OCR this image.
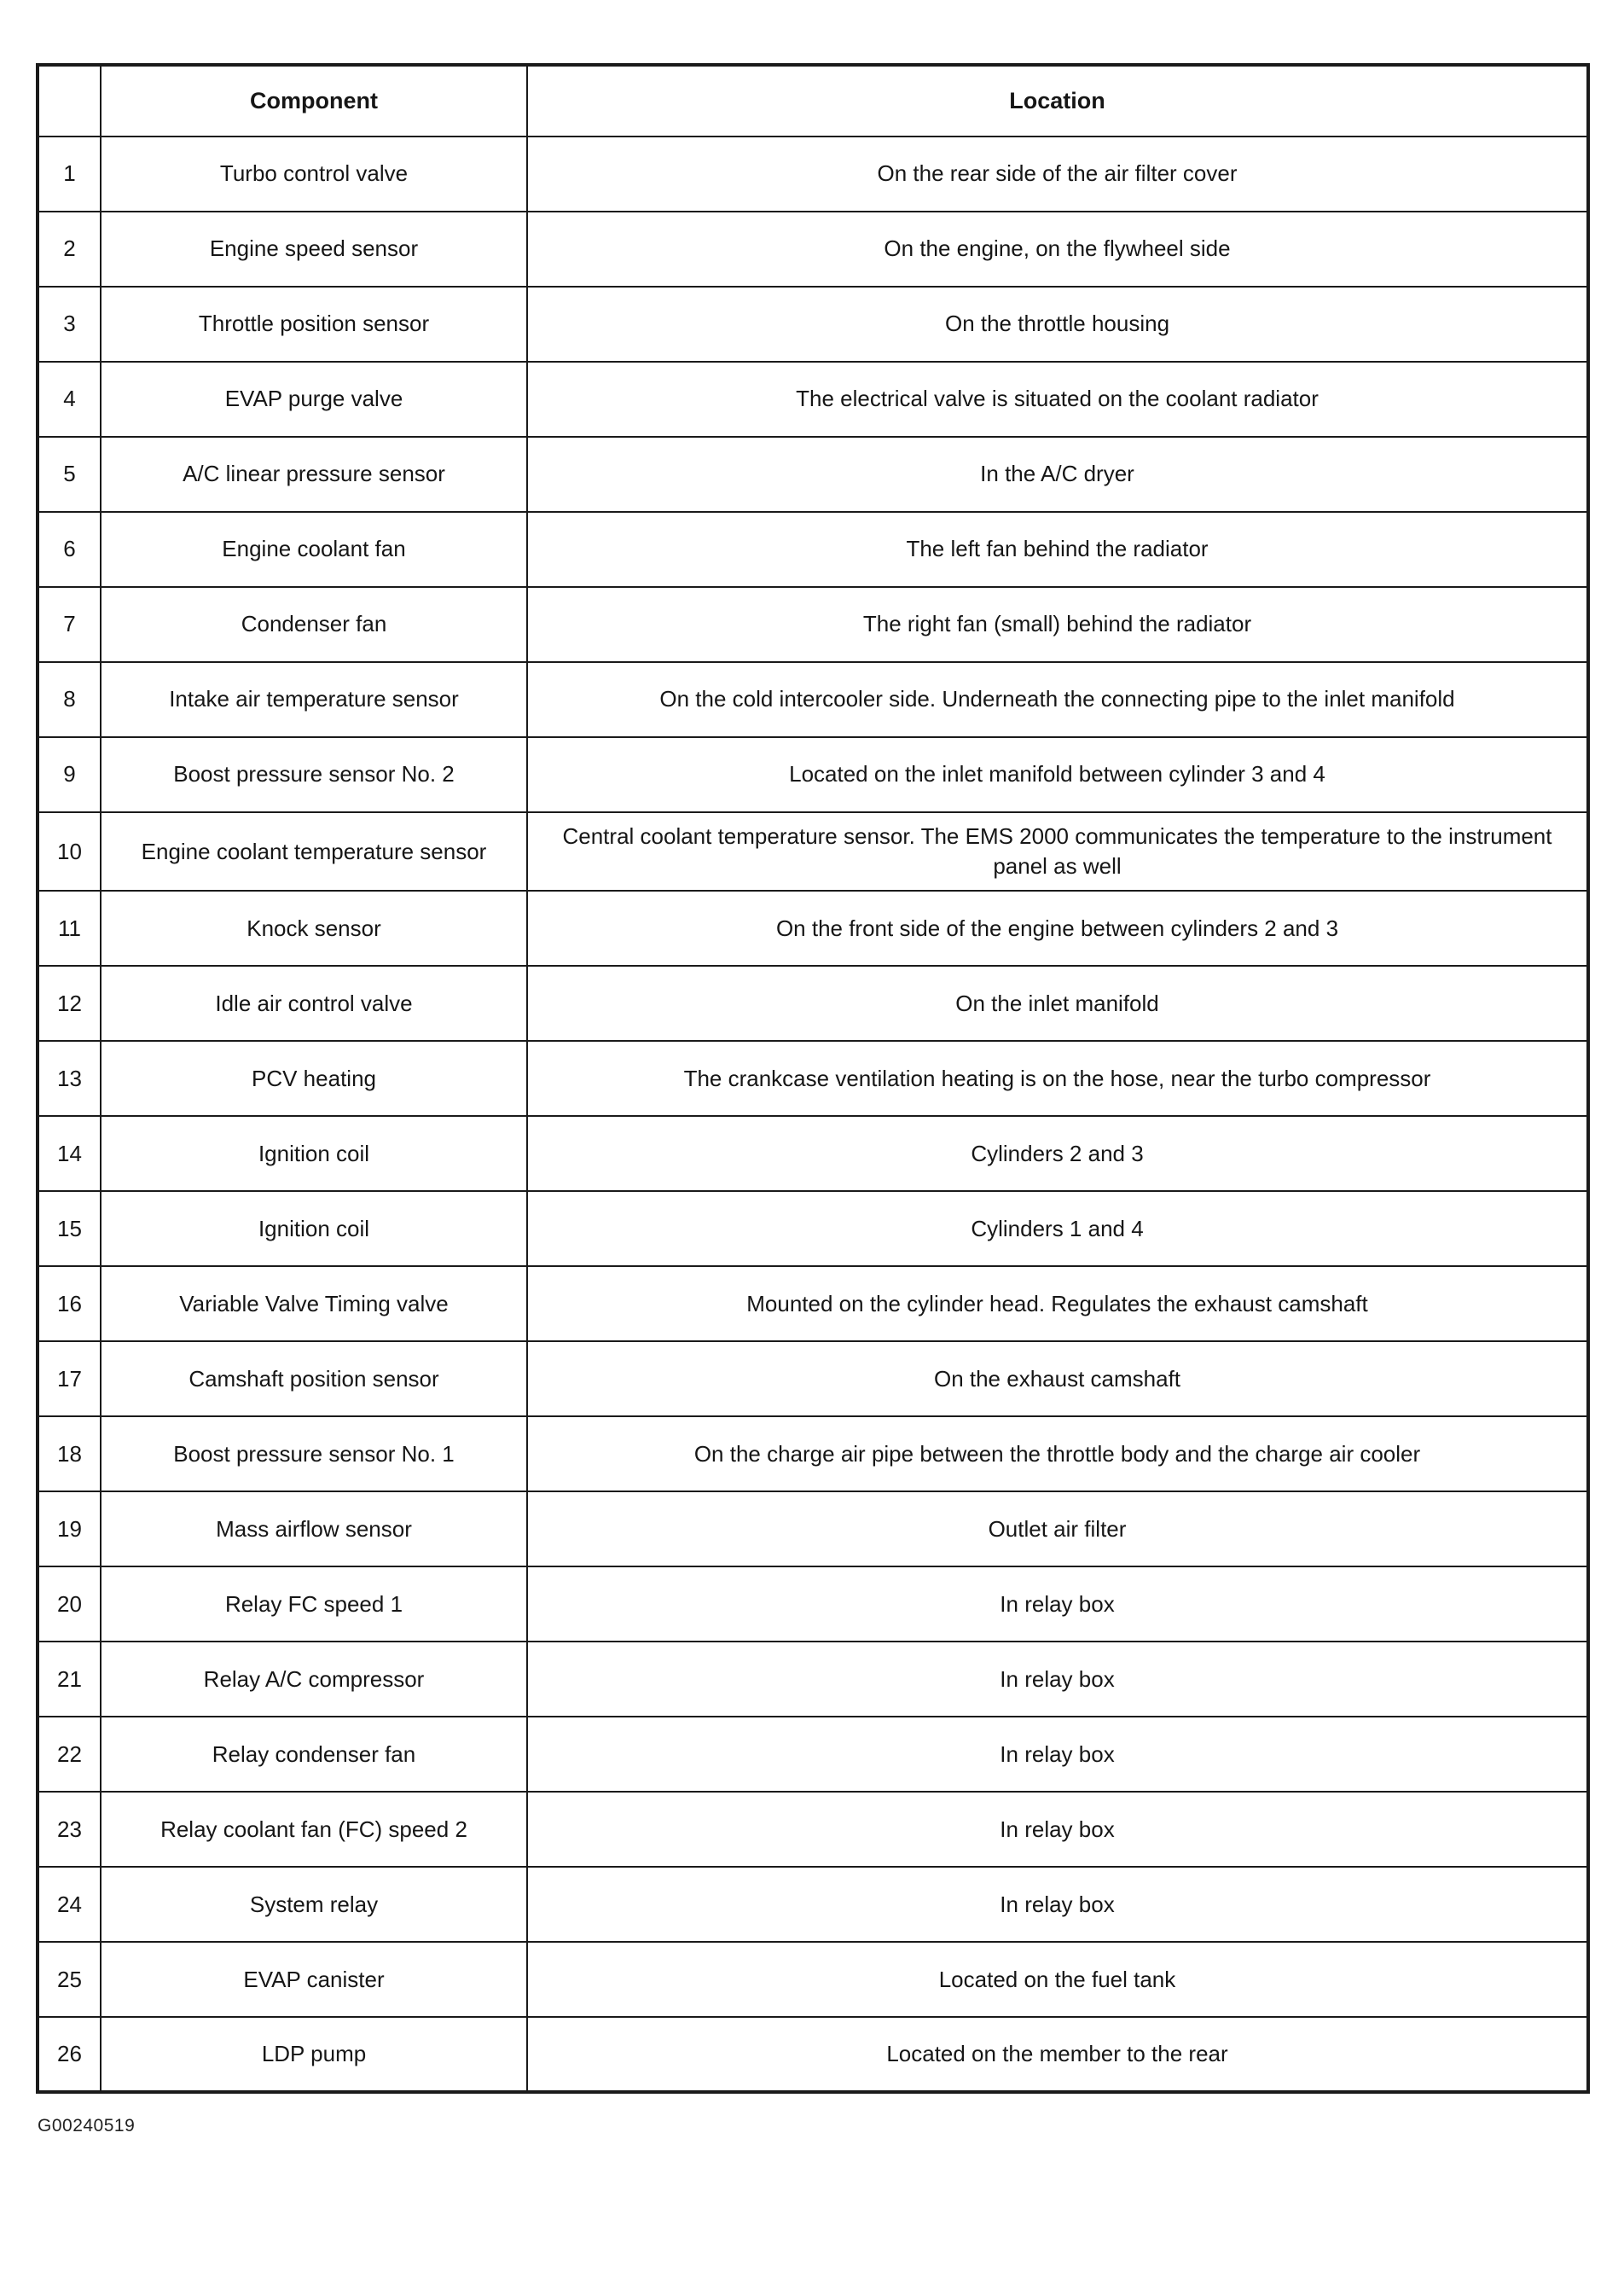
	Component	Location
1	Turbo control valve	On the rear side of the air filter cover
2	Engine speed sensor	On the engine, on the flywheel side
3	Throttle position sensor	On the throttle housing
4	EVAP purge valve	The electrical valve is situated on the coolant radiator
5	A/C linear pressure sensor	In the A/C dryer
6	Engine coolant fan	The left fan behind the radiator
7	Condenser fan	The right fan (small) behind the radiator
8	Intake air temperature sensor	On the cold intercooler side. Underneath the connecting pipe to the inlet manifold
9	Boost pressure sensor No. 2	Located on the inlet manifold between cylinder 3 and 4
10	Engine coolant temperature sensor	Central coolant temperature sensor. The EMS 2000 communicates the temperature to the instrument panel as well
11	Knock sensor	On the front side of the engine between cylinders 2 and 3
12	Idle air control valve	On the inlet manifold
13	PCV heating	The crankcase ventilation heating is on the hose, near the turbo compressor
14	Ignition coil	Cylinders 2 and 3
15	Ignition coil	Cylinders 1 and 4
16	Variable Valve Timing valve	Mounted on the cylinder head. Regulates the exhaust camshaft
17	Camshaft position sensor	On the exhaust camshaft
18	Boost pressure sensor No. 1	On the charge air pipe between the throttle body and the charge air cooler
19	Mass airflow sensor	Outlet air filter
20	Relay FC speed 1	In relay box
21	Relay A/C compressor	In relay box
22	Relay condenser fan	In relay box
23	Relay coolant fan (FC) speed 2	In relay box
24	System relay	In relay box
25	EVAP canister	Located on the fuel tank
26	LDP pump	Located on the member to the rear
G00240519
